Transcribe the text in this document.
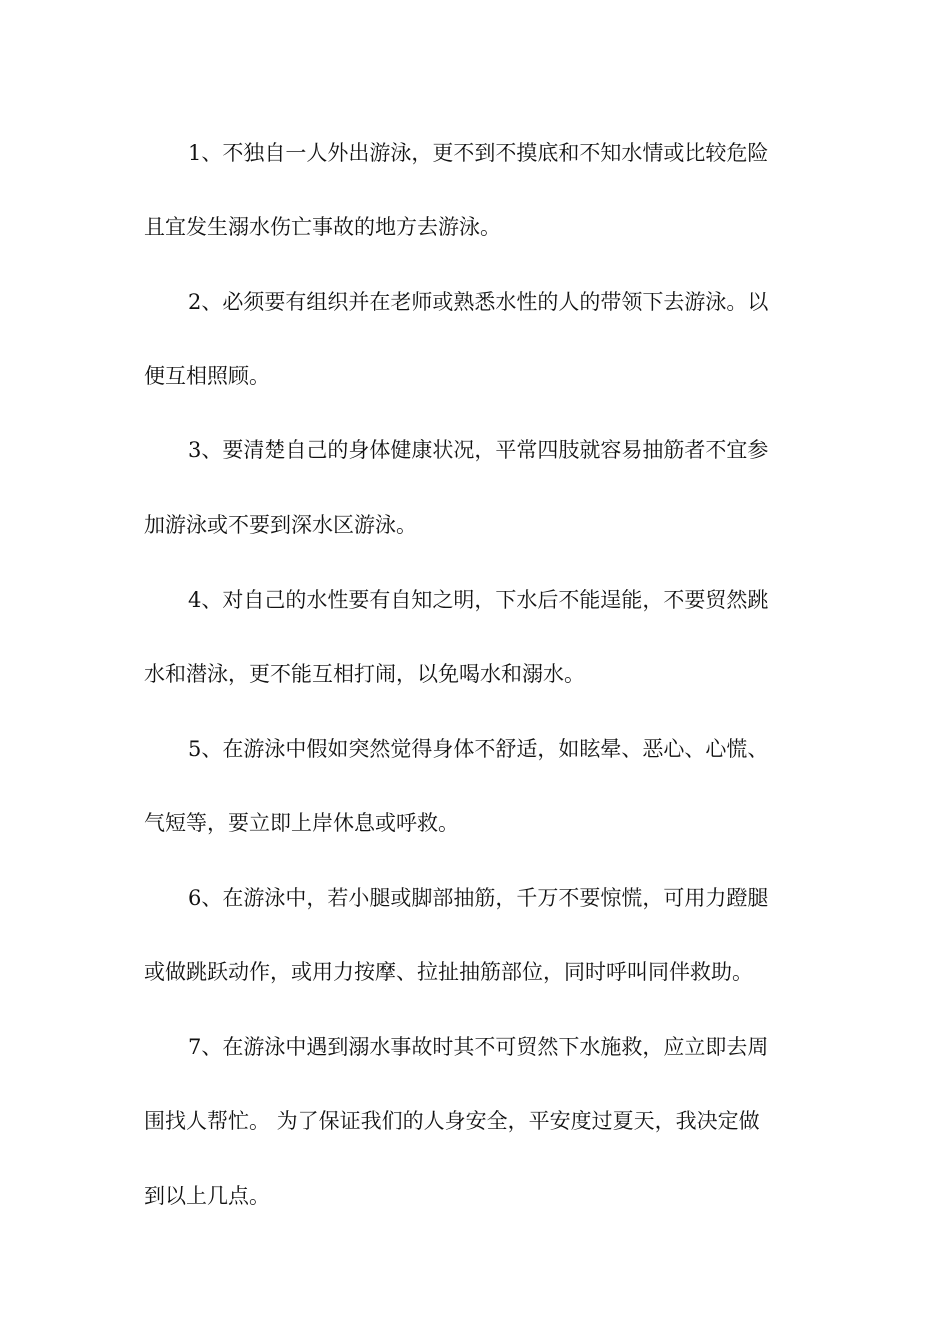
1、不独自一人外出游泳，更不到不摸底和不知水情或比较危险
且宜发生溺水伤亡事故的地方去游泳。
2、必须要有组织并在老师或熟悉水性的人的带领下去游泳。以
便互相照顾。
3、要清楚自己的身体健康状况，平常四肢就容易抽筋者不宜参
加游泳或不要到深水区游泳。
4、对自己的水性要有自知之明，下水后不能逞能，不要贸然跳
水和潜泳，更不能互相打闹，以免喝水和溺水。
5、在游泳中假如突然觉得身体不舒适，如眩晕、恶心、心慌、
气短等，要立即上岸休息或呼救。
6、在游泳中，若小腿或脚部抽筋，千万不要惊慌，可用力蹬腿
或做跳跃动作，或用力按摩、拉扯抽筋部位，同时呼叫同伴救助。
7、在游泳中遇到溺水事故时其不可贸然下水施救，应立即去周
围找人帮忙。 为了保证我们的人身安全，平安度过夏天，我决定做
到以上几点。
